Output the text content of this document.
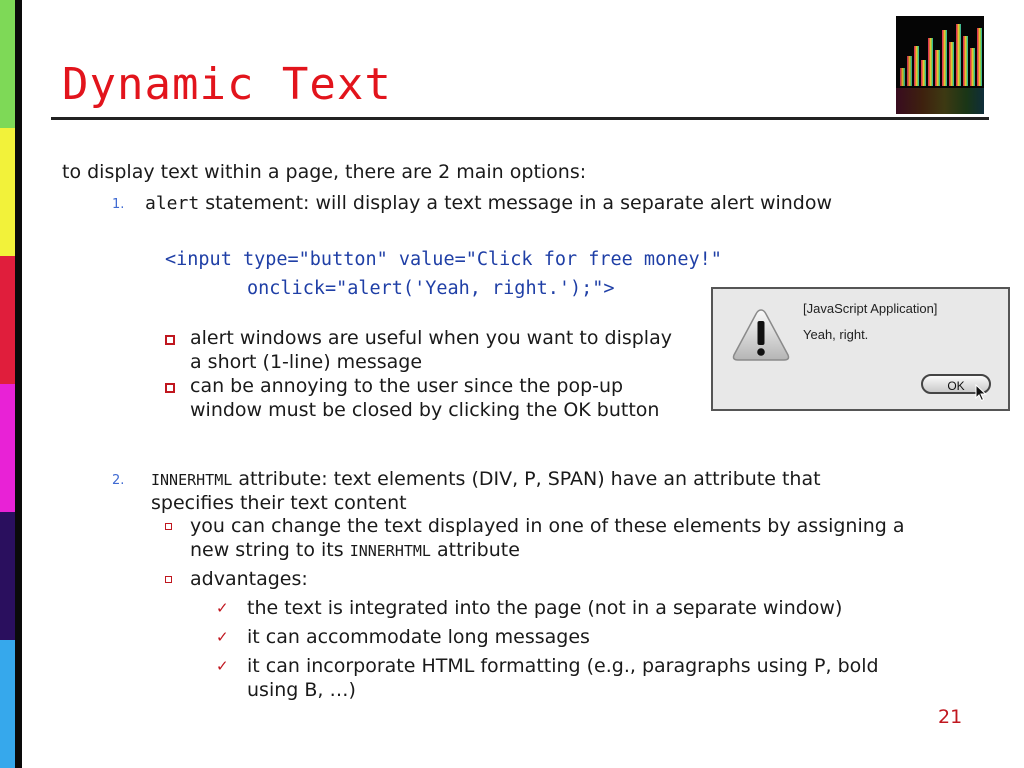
Dynamic Text
to display text within a page, there are 2 main options:
1. alert statement: will display a text message in a separate alert window
<input type="button" value="Click for free money!"
onclick="alert('Yeah, right.');">
alert windows are useful when you want to display
a short (1-line) message
can be annoying to the user since the pop-up
window must be closed by clicking the OK button
[JavaScript Application]
Yeah, right.
OK
2. INNERHTML attribute: text elements (DIV, P, SPAN) have an attribute that
specifies their text content
you can change the text displayed in one of these elements by assigning a
new string to its INNERHTML attribute
advantages:
✓ the text is integrated into the page (not in a separate window)
✓ it can accommodate long messages
✓ it can incorporate HTML formatting (e.g., paragraphs using P, bold
using B, …)
21
